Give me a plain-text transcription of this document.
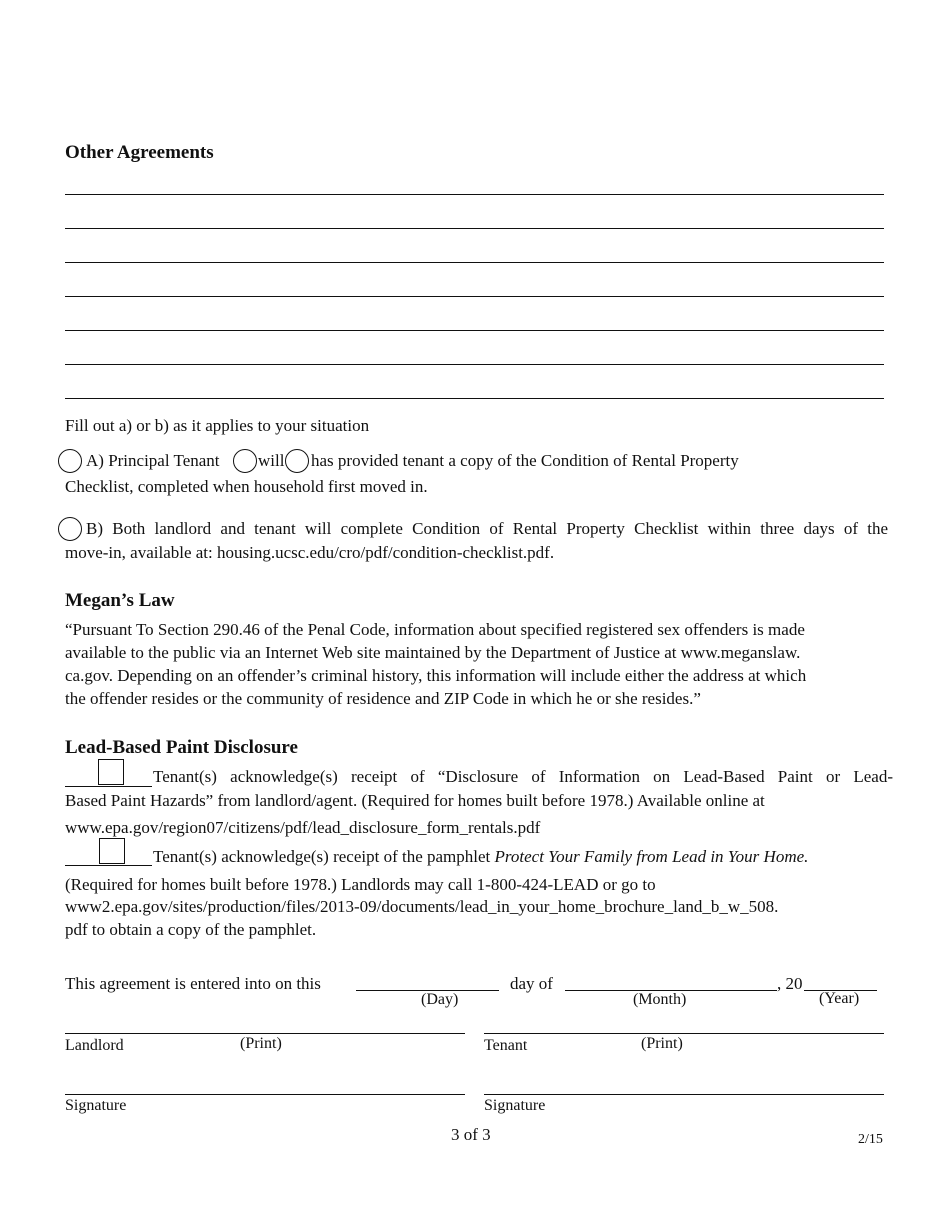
Other Agreements
Fill out a) or b) as it applies to your situation
A) Principal Tenant will has provided tenant a copy of the Condition of Rental Property
Checklist, completed when household first moved in.
B) Both landlord and tenant will complete Condition of Rental Property Checklist within three days of the
move-in, available at: housing.ucsc.edu/cro/pdf/condition-checklist.pdf.
Megan’s Law
“Pursuant To Section 290.46 of the Penal Code, information about specified registered sex offenders is made
available to the public via an Internet Web site maintained by the Department of Justice at www.meganslaw.
ca.gov. Depending on an offender’s criminal history, this information will include either the address at which
the offender resides or the community of residence and ZIP Code in which he or she resides.”
Lead-Based Paint Disclosure
Tenant(s) acknowledge(s) receipt of “Disclosure of Information on Lead-Based Paint or Lead-
Based Paint Hazards” from landlord/agent. (Required for homes built before 1978.) Available online at
www.epa.gov/region07/citizens/pdf/lead_disclosure_form_rentals.pdf
Tenant(s) acknowledge(s) receipt of the pamphlet Protect Your Family from Lead in Your Home.
(Required for homes built before 1978.) Landlords may call 1-800-424-LEAD or go to
www2.epa.gov/sites/production/files/2013-09/documents/lead_in_your_home_brochure_land_b_w_508.
pdf to obtain a copy of the pamphlet.
This agreement is entered into on this	day of	, 20
(Day)	(Month)	(Year)
Landlord	(Print)	Tenant	(Print)
Signature	Signature
3 of 3	2/15
